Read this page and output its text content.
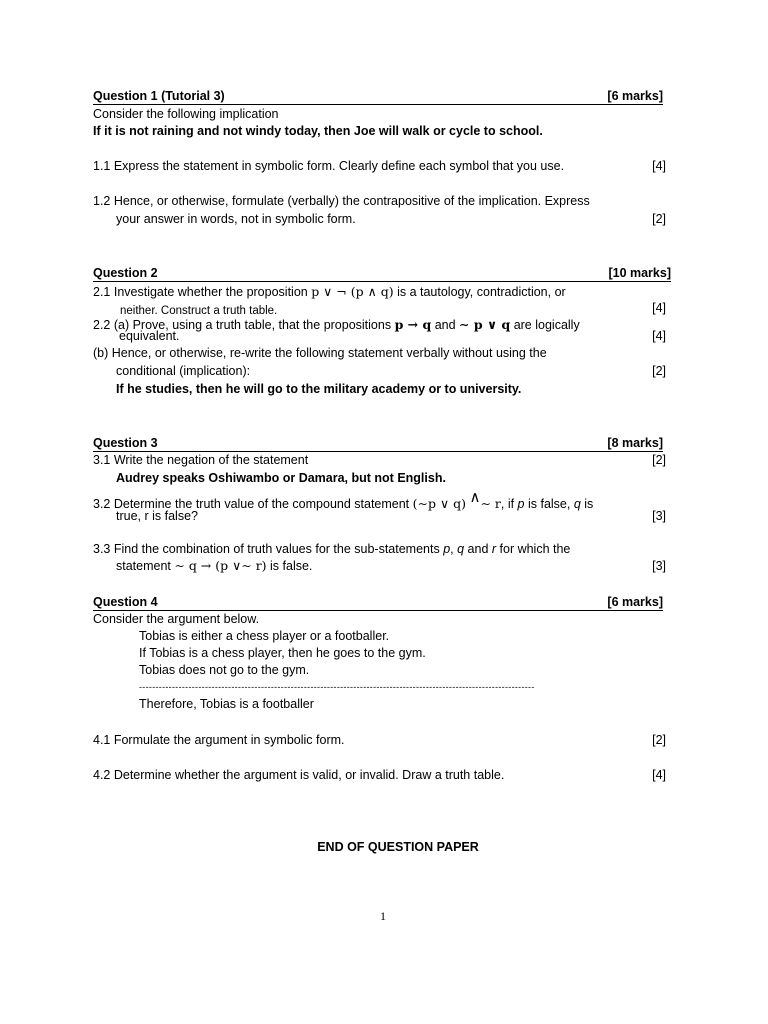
Question 1 (Tutorial 3)	[6 marks]
Consider the following implication
If it is not raining and not windy today, then Joe will walk or cycle to school.
1.1 Express the statement in symbolic form. Clearly define each symbol that you use.	[4]
1.2 Hence, or otherwise, formulate (verbally) the contrapositive of the implication. Express
your answer in words, not in symbolic form.	[2]
Question 2	[10 marks]
2.1 Investigate whether the proposition p ∨ ¬ (p ∧ q) is a tautology, contradiction, or
neither. Construct a truth table.	[4]
2.2 (a) Prove, using a truth table, that the propositions p → q and ∼ p ∨ q are logically
equivalent.	[4]
(b) Hence, or otherwise, re-write the following statement verbally without using the
conditional (implication):	[2]
If he studies, then he will go to the military academy or to university.
Question 3	[8 marks]
3.1 Write the negation of the statement	[2]
Audrey speaks Oshiwambo or Damara, but not English.
3.2 Determine the truth value of the compound statement (∼p ∨ q) ∧∼ r, if p is false, q is
true, r is false?	[3]
3.3 Find the combination of truth values for the sub-statements p, q and r for which the
statement ∼ q → (p ∨∼ r) is false.	[3]
Question 4	[6 marks]
Consider the argument below.
Tobias is either a chess player or a footballer.
If Tobias is a chess player, then he goes to the gym.
Tobias does not go to the gym.
------------------------------------------------------------------------------------------------------------------------
Therefore, Tobias is a footballer
4.1 Formulate the argument in symbolic form.	[2]
4.2 Determine whether the argument is valid, or invalid. Draw a truth table.	[4]
END OF QUESTION PAPER
1
